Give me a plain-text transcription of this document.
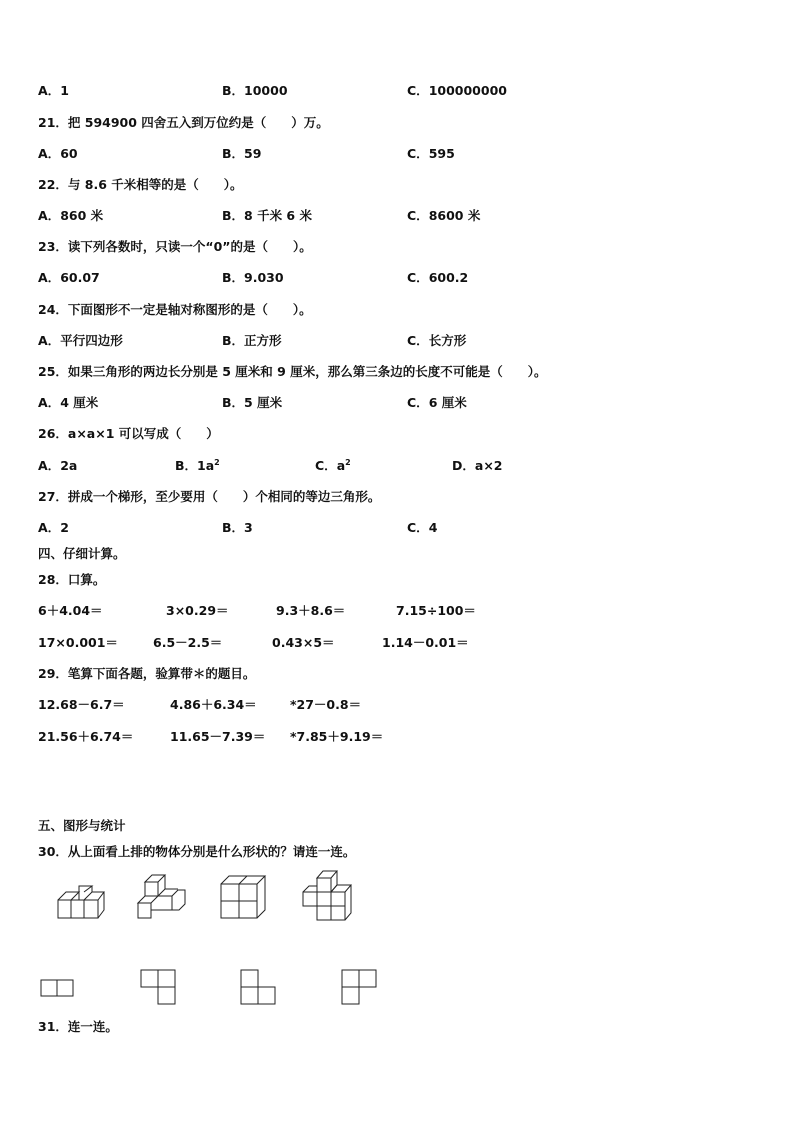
A．1	B．10000	C．100000000
21．把 594900 四舍五入到万位约是（　　）万。
A．60	B．59	C．595
22．与 8.6 千米相等的是（　　）。
A．860 米	B．8 千米 6 米	C．8600 米
23．读下列各数时，只读一个“0”的是（　　）。
A．60.07	B．9.030	C．600.2
24．下面图形不一定是轴对称图形的是（　　）。
A．平行四边形	B．正方形	C．长方形
25．如果三角形的两边长分别是 5 厘米和 9 厘米，那么第三条边的长度不可能是（　　）。
A．4 厘米	B．5 厘米	C．6 厘米
26．a×a×1 可以写成（　　）
A．2a	B．$1a^2$	C．$a^2$	D．a×2
27．拼成一个梯形，至少要用（　　）个相同的等边三角形。
A．2	B．3	C．4
四、仔细计算。
28．口算。
6＋4.04＝	3×0.29＝	9.3＋8.6＝	7.15÷100＝
17×0.001＝	6.5－2.5＝	0.43×5＝	1.14－0.01＝
29．笔算下面各题，验算带＊的题目。
12.68－6.7＝	4.86＋6.34＝	*27－0.8＝
21.56＋6.74＝	11.65－7.39＝ *7.85＋9.19＝
五、图形与统计
30．从上面看上排的物体分别是什么形状的？请连一连。
31．连一连。
